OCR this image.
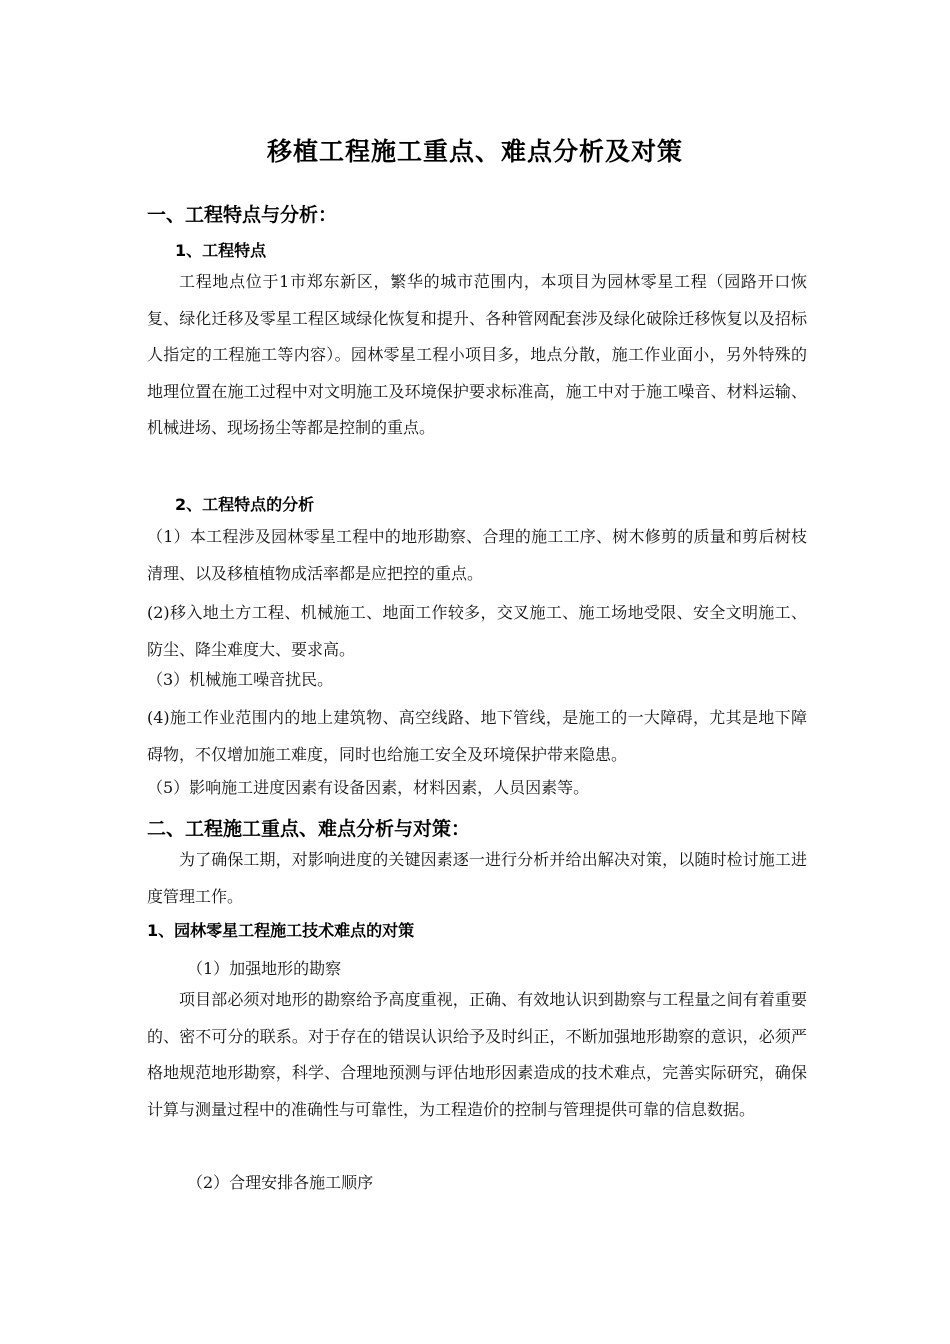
移植工程施工重点、难点分析及对策
一、工程特点与分析：
1、工程特点
工程地点位于1市郑东新区，繁华的城市范围内，本项目为园林零星工程（园路开口恢复、绿化迁移及零星工程区域绿化恢复和提升、各种管网配套涉及绿化破除迁移恢复以及招标人指定的工程施工等内容）。园林零星工程小项目多，地点分散，施工作业面小，另外特殊的地理位置在施工过程中对文明施工及环境保护要求标准高，施工中对于施工噪音、材料运输、机械进场、现场扬尘等都是控制的重点。
2、工程特点的分析
（1）本工程涉及园林零星工程中的地形勘察、合理的施工工序、树木修剪的质量和剪后树枝清理、以及移植植物成活率都是应把控的重点。
(2)移入地土方工程、机械施工、地面工作较多，交叉施工、施工场地受限、安全文明施工、防尘、降尘难度大、要求高。
（3）机械施工噪音扰民。
(4)施工作业范围内的地上建筑物、高空线路、地下管线，是施工的一大障碍，尤其是地下障碍物，不仅增加施工难度，同时也给施工安全及环境保护带来隐患。
（5）影响施工进度因素有设备因素，材料因素，人员因素等。
二、工程施工重点、难点分析与对策：
为了确保工期，对影响进度的关键因素逐一进行分析并给出解决对策，以随时检讨施工进度管理工作。
1、园林零星工程施工技术难点的对策
（1）加强地形的勘察
项目部必须对地形的勘察给予高度重视，正确、有效地认识到勘察与工程量之间有着重要的、密不可分的联系。对于存在的错误认识给予及时纠正，不断加强地形勘察的意识，必须严格地规范地形勘察，科学、合理地预测与评估地形因素造成的技术难点，完善实际研究，确保计算与测量过程中的准确性与可靠性，为工程造价的控制与管理提供可靠的信息数据。
（2）合理安排各施工顺序
